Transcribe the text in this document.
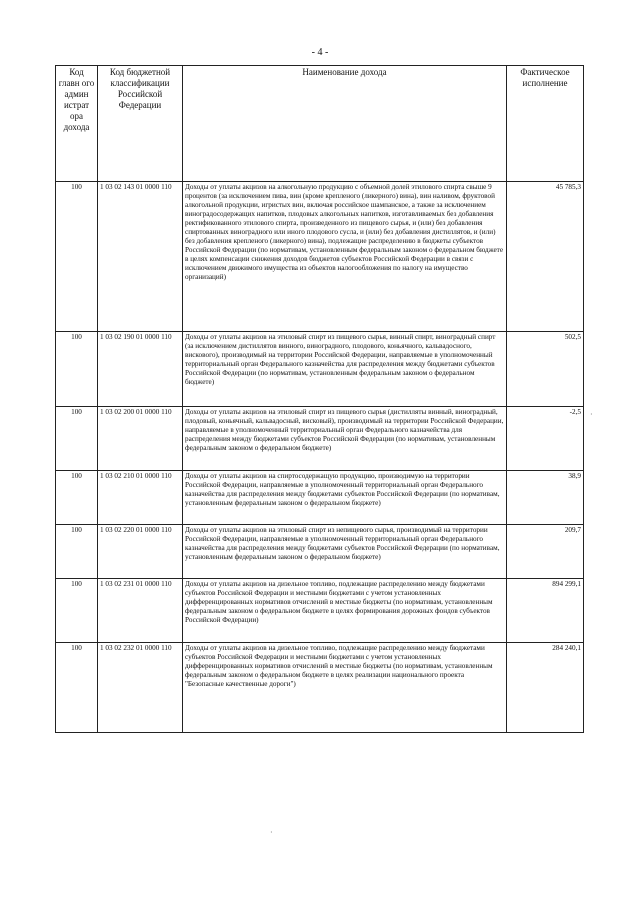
- 4 -
Код главн ого админ истрат ора дохода	Код бюджетной классификации Российской Федерации	Наименование дохода	Фактическое исполнение
100	1 03 02 143 01 0000 110	Доходы от уплаты акцизов на алкогольную продукцию с объемной долей этилового спирта свыше 9 процентов (за исключением пива, вин (кроме крепленого (ликерного) вина), вин наливом, фруктовой алкогольной продукции, игристых вин, включая российское шампанское, а также за исключением виноградосодержащих напитков, плодовых алкогольных напитков, изготавливаемых без добавления ректификованного этилового спирта, произведенного из пищевого сырья, и (или) без добавления спиртованных виноградного или иного плодового сусла, и (или) без добавления дистиллятов, и (или) без добавления крепленого (ликерного) вина), подлежащие распределению в бюджеты субъектов Российской Федерации (по нормативам, установленным федеральным законом о федеральном бюджете в целях компенсации снижения доходов бюджетов субъектов Российской Федерации в связи с исключением движимого имущества из объектов налогообложения по налогу на имущество организаций)	45 785,3
100	1 03 02 190 01 0000 110	Доходы от уплаты акцизов на этиловый спирт из пищевого сырья, винный спирт, виноградный спирт (за исключением дистиллятов винного, виноградного, плодового, коньячного, кальвадосного, вискового), производимый на территории Российской Федерации, направляемые в уполномоченный территориальный орган Федерального казначейства для распределения между бюджетами субъектов Российской Федерации (по нормативам, установленным федеральным законом о федеральном бюджете)	502,5
100	1 03 02 200 01 0000 110	Доходы от уплаты акцизов на этиловый спирт из пищевого сырья (дистилляты винный, виноградный, плодовый, коньячный, кальвадосный, висковый), производимый на территории Российской Федерации, направляемые в уполномоченный территориальный орган Федерального казначейства для распределения между бюджетами субъектов Российской Федерации (по нормативам, установленным федеральным законом о федеральном бюджете)	-2,5
100	1 03 02 210 01 0000 110	Доходы от уплаты акцизов на спиртосодержащую продукцию, производимую на территории Российской Федерации, направляемые в уполномоченный территориальный орган Федерального казначейства для распределения между бюджетами субъектов Российской Федерации (по нормативам, установленным федеральным законом о федеральном бюджете)	38,9
100	1 03 02 220 01 0000 110	Доходы от уплаты акцизов на этиловый спирт из непищевого сырья, производимый на территории Российской Федерации, направляемые в уполномоченный территориальный орган Федерального казначейства для распределения между бюджетами субъектов Российской Федерации (по нормативам, установленным федеральным законом о федеральном бюджете)	209,7
100	1 03 02 231 01 0000 110	Доходы от уплаты акцизов на дизельное топливо, подлежащие распределению между бюджетами субъектов Российской Федерации и местными бюджетами с учетом установленных дифференцированных нормативов отчислений в местные бюджеты (по нормативам, установленным федеральным законом о федеральном бюджете в целях формирования дорожных фондов субъектов Российской Федерации)	894 299,1
100	1 03 02 232 01 0000 110	Доходы от уплаты акцизов на дизельное топливо, подлежащие распределению между бюджетами субъектов Российской Федерации и местными бюджетами с учетом установленных дифференцированных нормативов отчислений в местные бюджеты (по нормативам, установленным федеральным законом о федеральном бюджете в целях реализации национального проекта "Безопасные качественные дороги")	284 240,1
·
·
